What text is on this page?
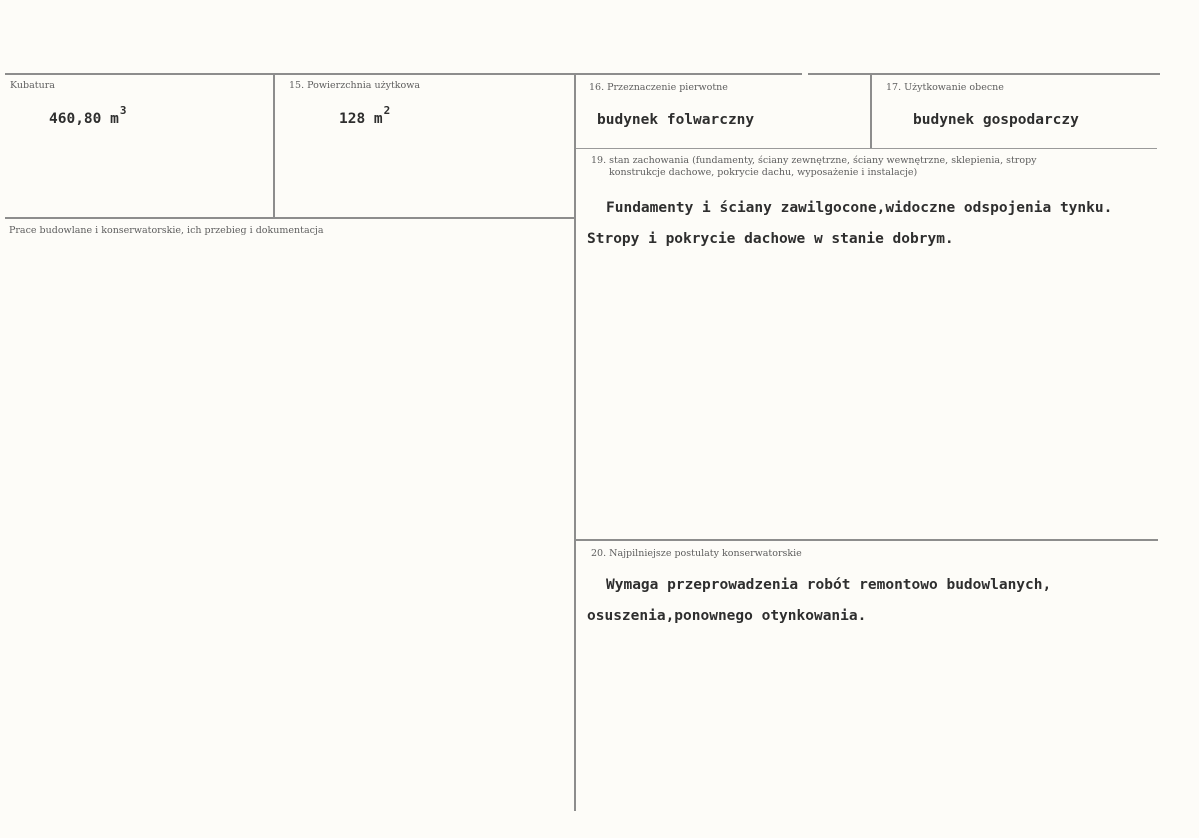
Kubatura
460,80 $m^3$
15. Powierzchnia użytkowa
128 $m^2$
16. Przeznaczenie pierwotne
budynek folwarczny
17. Użytkowanie obecne
budynek gospodarczy
Prace budowlane i konserwatorskie, ich przebieg i dokumentacja
19. stan zachowania (fundamenty, ściany zewnętrzne, ściany wewnętrzne, sklepienia, stropy
konstrukcje dachowe, pokrycie dachu, wyposażenie i instalacje)
Fundamenty i ściany zawilgocone,widoczne odspojenia tynku.
Stropy i pokrycie dachowe w stanie dobrym.
20. Najpilniejsze postulaty konserwatorskie
Wymaga przeprowadzenia robót remontowo budowlanych,
osuszenia,ponownego otynkowania.
